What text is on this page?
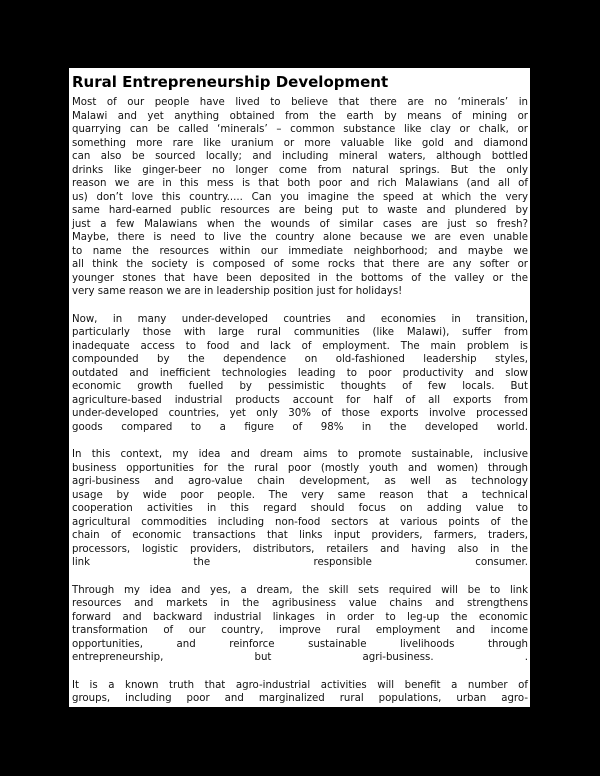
Rural Entrepreneurship Development

Most of our people have lived to believe that there are no ‘minerals’ in
Malawi and yet anything obtained from the earth by means of mining or
quarrying can be called ‘minerals’ – common substance like clay or chalk, or
something more rare like uranium or more valuable like gold and diamond
can also be sourced locally; and including mineral waters, although bottled
drinks like ginger-beer no longer come from natural springs. But the only
reason we are in this mess is that both poor and rich Malawians (and all of
us) don’t love this country..... Can you imagine the speed at which the very
same hard-earned public resources are being put to waste and plundered by
just a few Malawians when the wounds of similar cases are just so fresh?
Maybe, there is need to live the country alone because we are even unable
to name the resources within our immediate neighborhood; and maybe we
all think the society is composed of some rocks that there are any softer or
younger stones that have been deposited in the bottoms of the valley or the
very same reason we are in leadership position just for holidays!

Now, in many under-developed countries and economies in transition,
particularly those with large rural communities (like Malawi), suffer from
inadequate access to food and lack of employment. The main problem is
compounded by the dependence on old-fashioned leadership styles,
outdated and inefficient technologies leading to poor productivity and slow
economic growth fuelled by pessimistic thoughts of few locals. But
agriculture-based industrial products account for half of all exports from
under-developed countries, yet only 30% of those exports involve processed
goods compared to a figure of 98% in the developed world.

In this context, my idea and dream aims to promote sustainable, inclusive
business opportunities for the rural poor (mostly youth and women) through
agri-business and agro-value chain development, as well as technology
usage by wide poor people. The very same reason that a technical
cooperation activities in this regard should focus on adding value to
agricultural commodities including non-food sectors at various points of the
chain of economic transactions that links input providers, farmers, traders,
processors, logistic providers, distributors, retailers and having also in the
link the responsible consumer.

Through my idea and yes, a dream, the skill sets required will be to link
resources and markets in the agribusiness value chains and strengthens
forward and backward industrial linkages in order to leg-up the economic
transformation of our country, improve rural employment and income
opportunities, and reinforce sustainable livelihoods through
entrepreneurship, but agri-business. .

It is a known truth that agro-industrial activities will benefit a number of
groups, including poor and marginalized rural populations, urban agro-
